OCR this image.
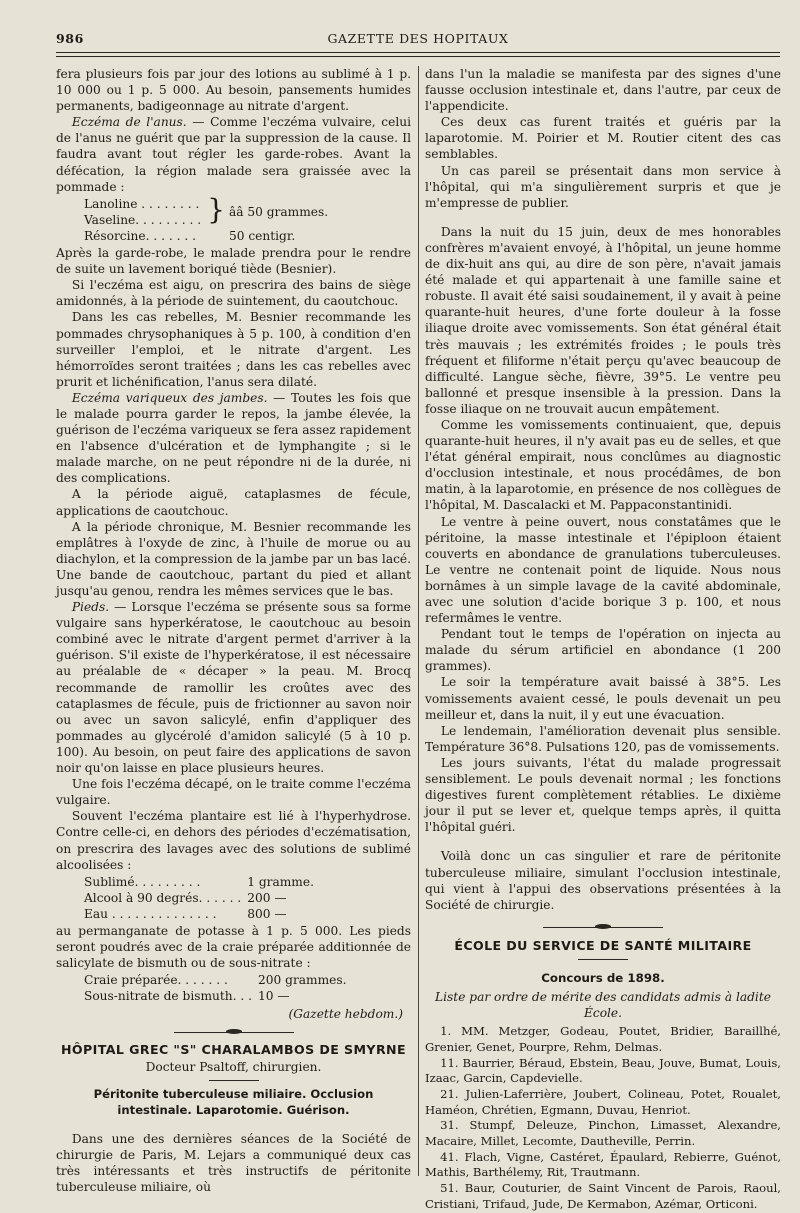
986	GAZETTE DES HOPITAUX

fera plusieurs fois par jour des lotions au sublimé à 1 p. 10 000 ou 1 p. 5 000. Au besoin, pansements humides permanents, badigeonnage au nitrate d'argent.

Eczéma de l'anus. — Comme l'eczéma vulvaire, celui de l'anus ne guérit que par la suppression de la cause. Il faudra avant tout régler les garde-robes. Avant la défécation, la région malade sera graissée avec la pommade :

Lanoline . . . . . . . .	}	ââ 50 grammes.
Vaseline. . . . . . . . .		
Résorcine. . . . . . .		50 centigr.

Après la garde-robe, le malade prendra pour le rendre de suite un lavement boriqué tiède (Besnier).

Si l'eczéma est aigu, on prescrira des bains de siège amidonnés, à la période de suintement, du caoutchouc.

Dans les cas rebelles, M. Besnier recommande les pommades chrysophaniques à 5 p. 100, à condition d'en surveiller l'emploi, et le nitrate d'argent. Les hémorroïdes seront traitées ; dans les cas rebelles avec prurit et lichénification, l'anus sera dilaté.

Eczéma variqueux des jambes. — Toutes les fois que le malade pourra garder le repos, la jambe élevée, la guérison de l'eczéma variqueux se fera assez rapidement en l'absence d'ulcération et de lymphangite ; si le malade marche, on ne peut répondre ni de la durée, ni des complications.

A la période aiguë, cataplasmes de fécule, applications de caoutchouc.

A la période chronique, M. Besnier recommande les emplâtres à l'oxyde de zinc, à l'huile de morue ou au diachylon, et la compression de la jambe par un bas lacé. Une bande de caoutchouc, partant du pied et allant jusqu'au genou, rendra les mêmes services que le bas.

Pieds. — Lorsque l'eczéma se présente sous sa forme vulgaire sans hyperkératose, le caoutchouc au besoin combiné avec le nitrate d'argent permet d'arriver à la guérison. S'il existe de l'hyperkératose, il est nécessaire au préalable de « décaper » la peau. M. Brocq recommande de ramollir les croûtes avec des cataplasmes de fécule, puis de frictionner au savon noir ou avec un savon salicylé, enfin d'appliquer des pommades au glycérolé d'amidon salicylé (5 à 10 p. 100). Au besoin, on peut faire des applications de savon noir qu'on laisse en place plusieurs heures.

Une fois l'eczéma décapé, on le traite comme l'eczéma vulgaire.

Souvent l'eczéma plantaire est lié à l'hyperhydrose. Contre celle-ci, en dehors des périodes d'eczématisation, on prescrira des lavages avec des solutions de sublimé alcoolisées :

Sublimé. . . . . . . . .	1 gramme.
Alcool à 90 degrés. . . . . .	200 —
Eau . . . . . . . . . . . . . .	800 —

au permanganate de potasse à 1 p. 5 000. Les pieds seront poudrés avec de la craie préparée additionnée de salicylate de bismuth ou de sous-nitrate :

Craie préparée. . . . . . .	200 grammes.
Sous-nitrate de bismuth. . .	10 —
(Gazette hebdom.)
HÔPITAL GREC "S" CHARALAMBOS DE SMYRNE
Docteur Psaltoff, chirurgien.
Péritonite tuberculeuse miliaire. Occlusion intestinale. Laparotomie. Guérison.

Dans une des dernières séances de la Société de chirurgie de Paris, M. Lejars a communiqué deux cas très intéressants et très instructifs de péritonite tuberculeuse miliaire, où

dans l'un la maladie se manifesta par des signes d'une fausse occlusion intestinale et, dans l'autre, par ceux de l'appendicite.

Ces deux cas furent traités et guéris par la laparotomie. M. Poirier et M. Routier citent des cas semblables.

Un cas pareil se présentait dans mon service à l'hôpital, qui m'a singulièrement surpris et que je m'empresse de publier.

Dans la nuit du 15 juin, deux de mes honorables confrères m'avaient envoyé, à l'hôpital, un jeune homme de dix-huit ans qui, au dire de son père, n'avait jamais été malade et qui appartenait à une famille saine et robuste. Il avait été saisi soudainement, il y avait à peine quarante-huit heures, d'une forte douleur à la fosse iliaque droite avec vomissements. Son état général était très mauvais ; les extrémités froides ; le pouls très fréquent et filiforme n'était perçu qu'avec beaucoup de difficulté. Langue sèche, fièvre, 39°5. Le ventre peu ballonné et presque insensible à la pression. Dans la fosse iliaque on ne trouvait aucun empâtement.

Comme les vomissements continuaient, que, depuis quarante-huit heures, il n'y avait pas eu de selles, et que l'état général empirait, nous conclûmes au diagnostic d'occlusion intestinale, et nous procédâmes, de bon matin, à la laparotomie, en présence de nos collègues de l'hôpital, M. Dascalacki et M. Pappaconstantinidi.

Le ventre à peine ouvert, nous constatâmes que le péritoine, la masse intestinale et l'épiploon étaient couverts en abondance de granulations tuberculeuses. Le ventre ne contenait point de liquide. Nous nous bornâmes à un simple lavage de la cavité abdominale, avec une solution d'acide borique 3 p. 100, et nous refermâmes le ventre.

Pendant tout le temps de l'opération on injecta au malade du sérum artificiel en abondance (1 200 grammes).

Le soir la température avait baissé à 38°5. Les vomissements avaient cessé, le pouls devenait un peu meilleur et, dans la nuit, il y eut une évacuation.

Le lendemain, l'amélioration devenait plus sensible. Température 36°8. Pulsations 120, pas de vomissements.

Les jours suivants, l'état du malade progressait sensiblement. Le pouls devenait normal ; les fonctions digestives furent complètement rétablies. Le dixième jour il put se lever et, quelque temps après, il quitta l'hôpital guéri.

Voilà donc un cas singulier et rare de péritonite tuberculeuse miliaire, simulant l'occlusion intestinale, qui vient à l'appui des observations présentées à la Société de chirurgie.

ÉCOLE DU SERVICE DE SANTÉ MILITAIRE
Concours de 1898.
Liste par ordre de mérite des candidats admis à ladite École.

1. MM. Metzger, Godeau, Poutet, Bridier, Baraillhé, Grenier, Genet, Pourpre, Rehm, Delmas.

11. Baurrier, Béraud, Ebstein, Beau, Jouve, Bumat, Louis, Izaac, Garcin, Capdevielle.

21. Julien-Laferrière, Joubert, Colineau, Potet, Roualet, Haméon, Chrétien, Egmann, Duvau, Henriot.

31. Stumpf, Deleuze, Pinchon, Limasset, Alexandre, Macaire, Millet, Lecomte, Dautheville, Perrin.

41. Flach, Vigne, Castéret, Épaulard, Rebierre, Guénot, Mathis, Barthélemy, Rit, Trautmann.

51. Baur, Couturier, de Saint Vincent de Parois, Raoul, Cristiani, Trifaud, Jude, De Kermabon, Azémar, Orticoni.
